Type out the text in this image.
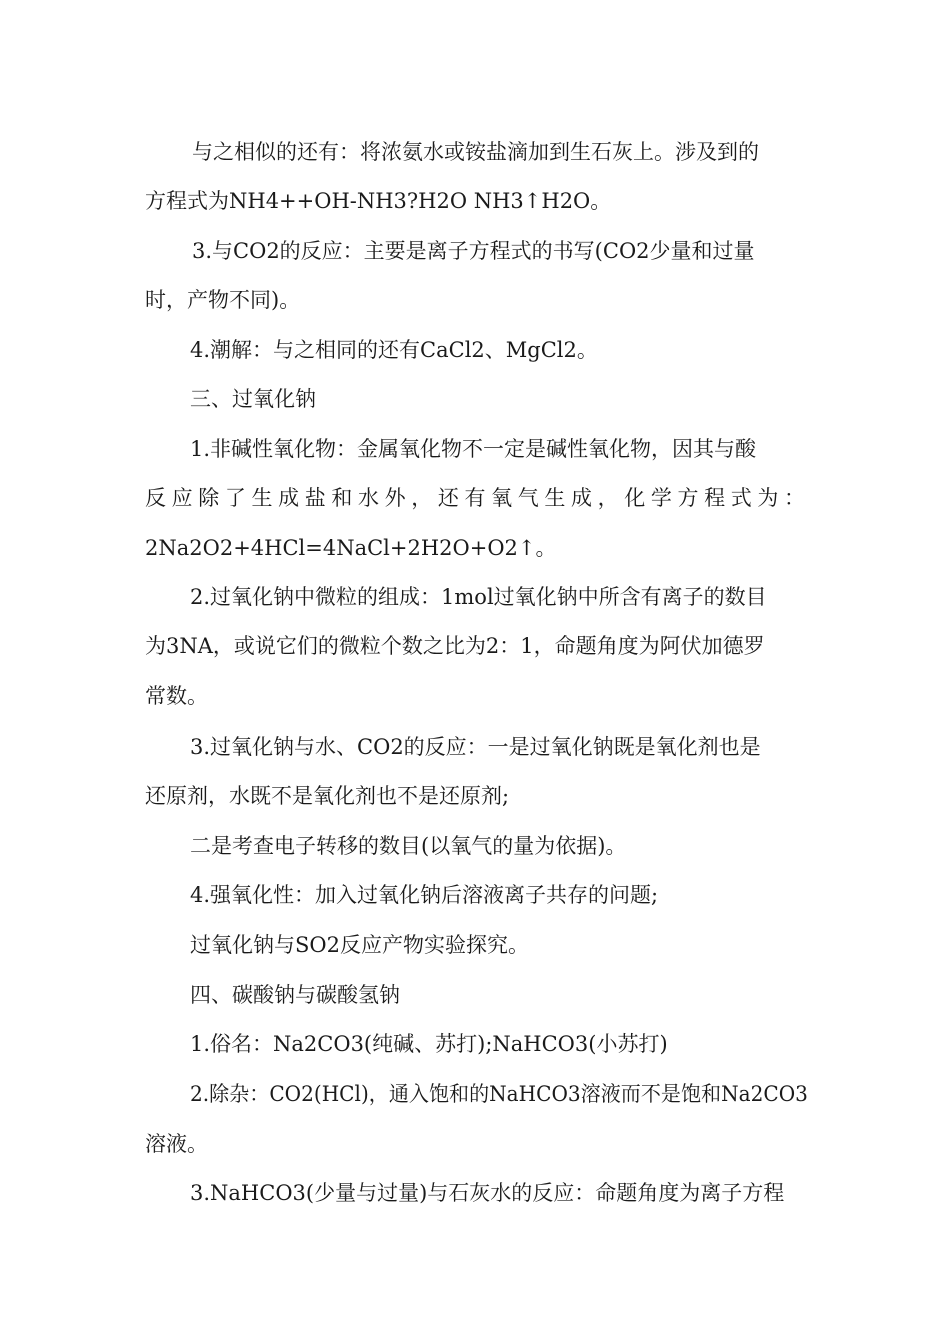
与之相似的还有：将浓氨水或铵盐滴加到生石灰上。涉及到的
方程式为NH4++OH-NH3?H2O NH3↑H2O。
3.与CO2的反应：主要是离子方程式的书写(CO2少量和过量
时，产物不同)。
4.潮解：与之相同的还有CaCl2、MgCl2。
三、过氧化钠
1.非碱性氧化物：金属氧化物不一定是碱性氧化物，因其与酸
反 应 除 了 生 成 盐 和 水 外 ， 还 有 氧 气 生 成 ， 化 学 方 程 式 为 ：
2Na2O2+4HCl=4NaCl+2H2O+O2↑。
2.过氧化钠中微粒的组成：1mol过氧化钠中所含有离子的数目
为3NA，或说它们的微粒个数之比为2：1，命题角度为阿伏加德罗
常数。
3.过氧化钠与水、CO2的反应：一是过氧化钠既是氧化剂也是
还原剂，水既不是氧化剂也不是还原剂;
二是考查电子转移的数目(以氧气的量为依据)。
4.强氧化性：加入过氧化钠后溶液离子共存的问题;
过氧化钠与SO2反应产物实验探究。
四、碳酸钠与碳酸氢钠
1.俗名：Na2CO3(纯碱、苏打);NaHCO3(小苏打)
2.除杂：CO2(HCl)，通入饱和的NaHCO3溶液而不是饱和Na2CO3
溶液。
3.NaHCO3(少量与过量)与石灰水的反应：命题角度为离子方程
